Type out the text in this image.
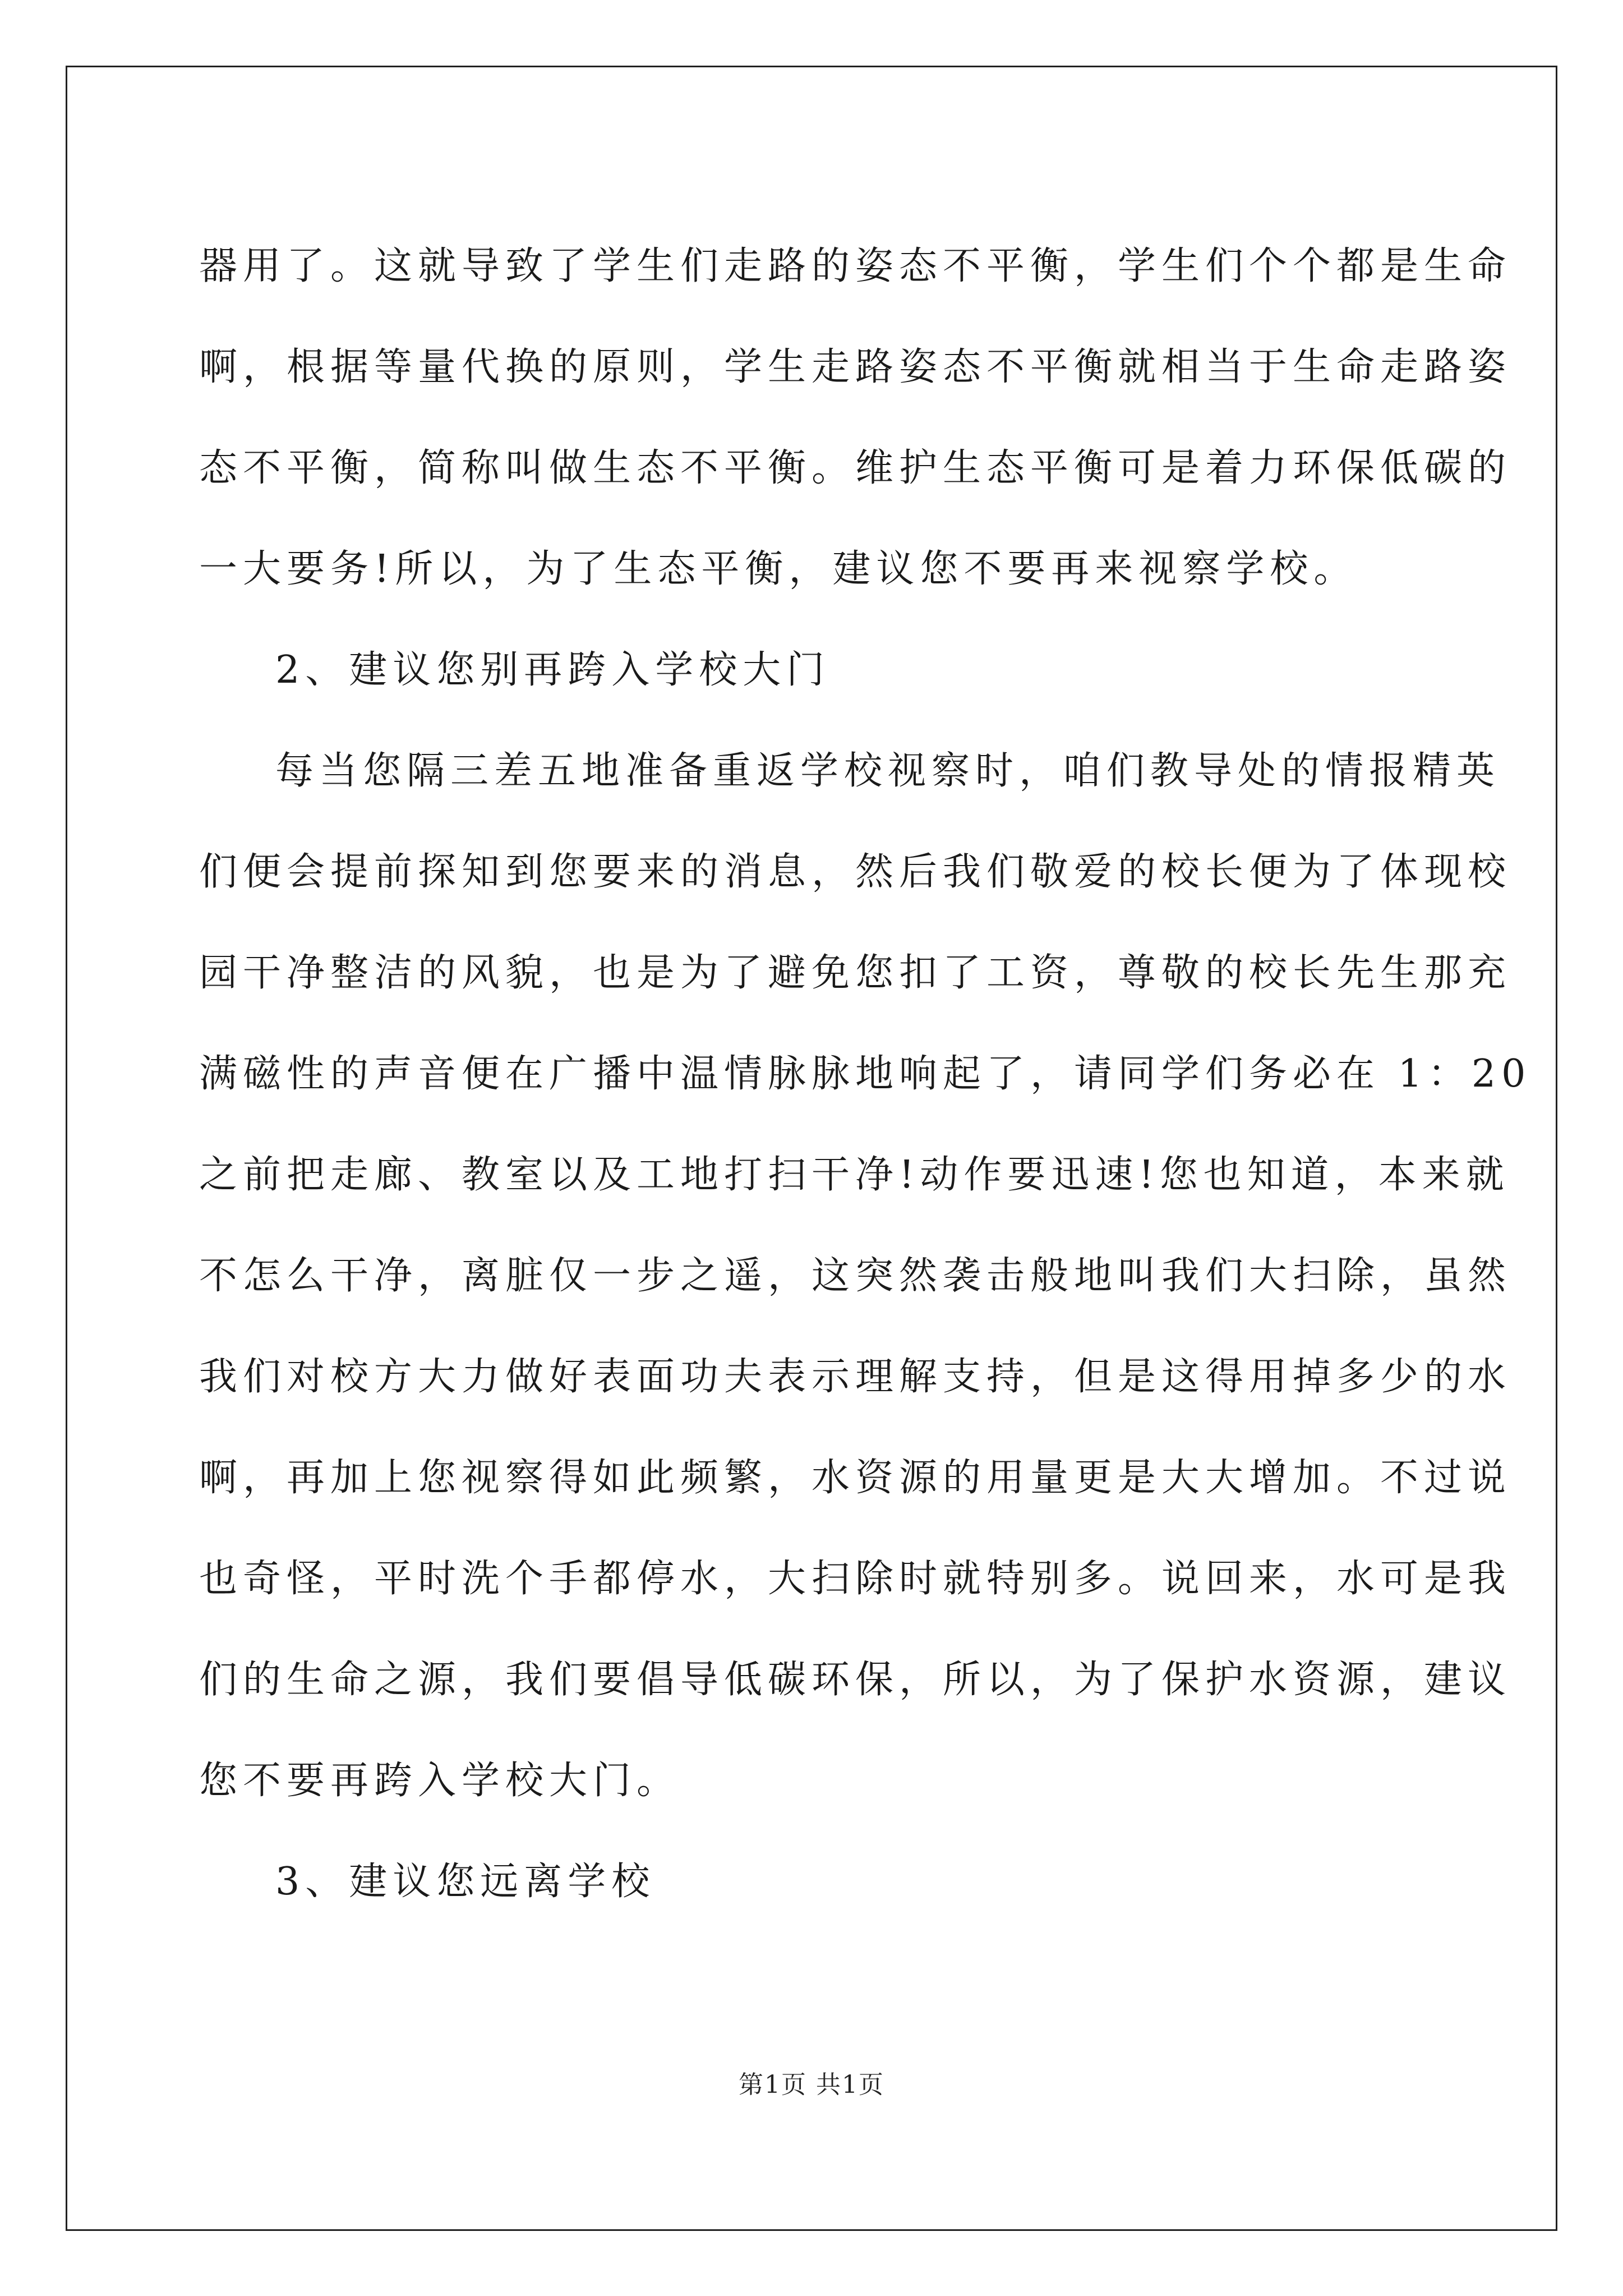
器用了。这就导致了学生们走路的姿态不平衡，学生们个个都是生命
啊，根据等量代换的原则，学生走路姿态不平衡就相当于生命走路姿
态不平衡，简称叫做生态不平衡。维护生态平衡可是着力环保低碳的
一大要务!所以，为了生态平衡，建议您不要再来视察学校。
2、建议您别再跨入学校大门
每当您隔三差五地准备重返学校视察时，咱们教导处的情报精英
们便会提前探知到您要来的消息，然后我们敬爱的校长便为了体现校
园干净整洁的风貌，也是为了避免您扣了工资，尊敬的校长先生那充
满磁性的声音便在广播中温情脉脉地响起了，请同学们务必在 1：20
之前把走廊、教室以及工地打扫干净!动作要迅速!您也知道，本来就
不怎么干净，离脏仅一步之遥，这突然袭击般地叫我们大扫除，虽然
我们对校方大力做好表面功夫表示理解支持，但是这得用掉多少的水
啊，再加上您视察得如此频繁，水资源的用量更是大大增加。不过说
也奇怪，平时洗个手都停水，大扫除时就特别多。说回来，水可是我
们的生命之源，我们要倡导低碳环保，所以，为了保护水资源，建议
您不要再跨入学校大门。
3、建议您远离学校
第1页 共1页
